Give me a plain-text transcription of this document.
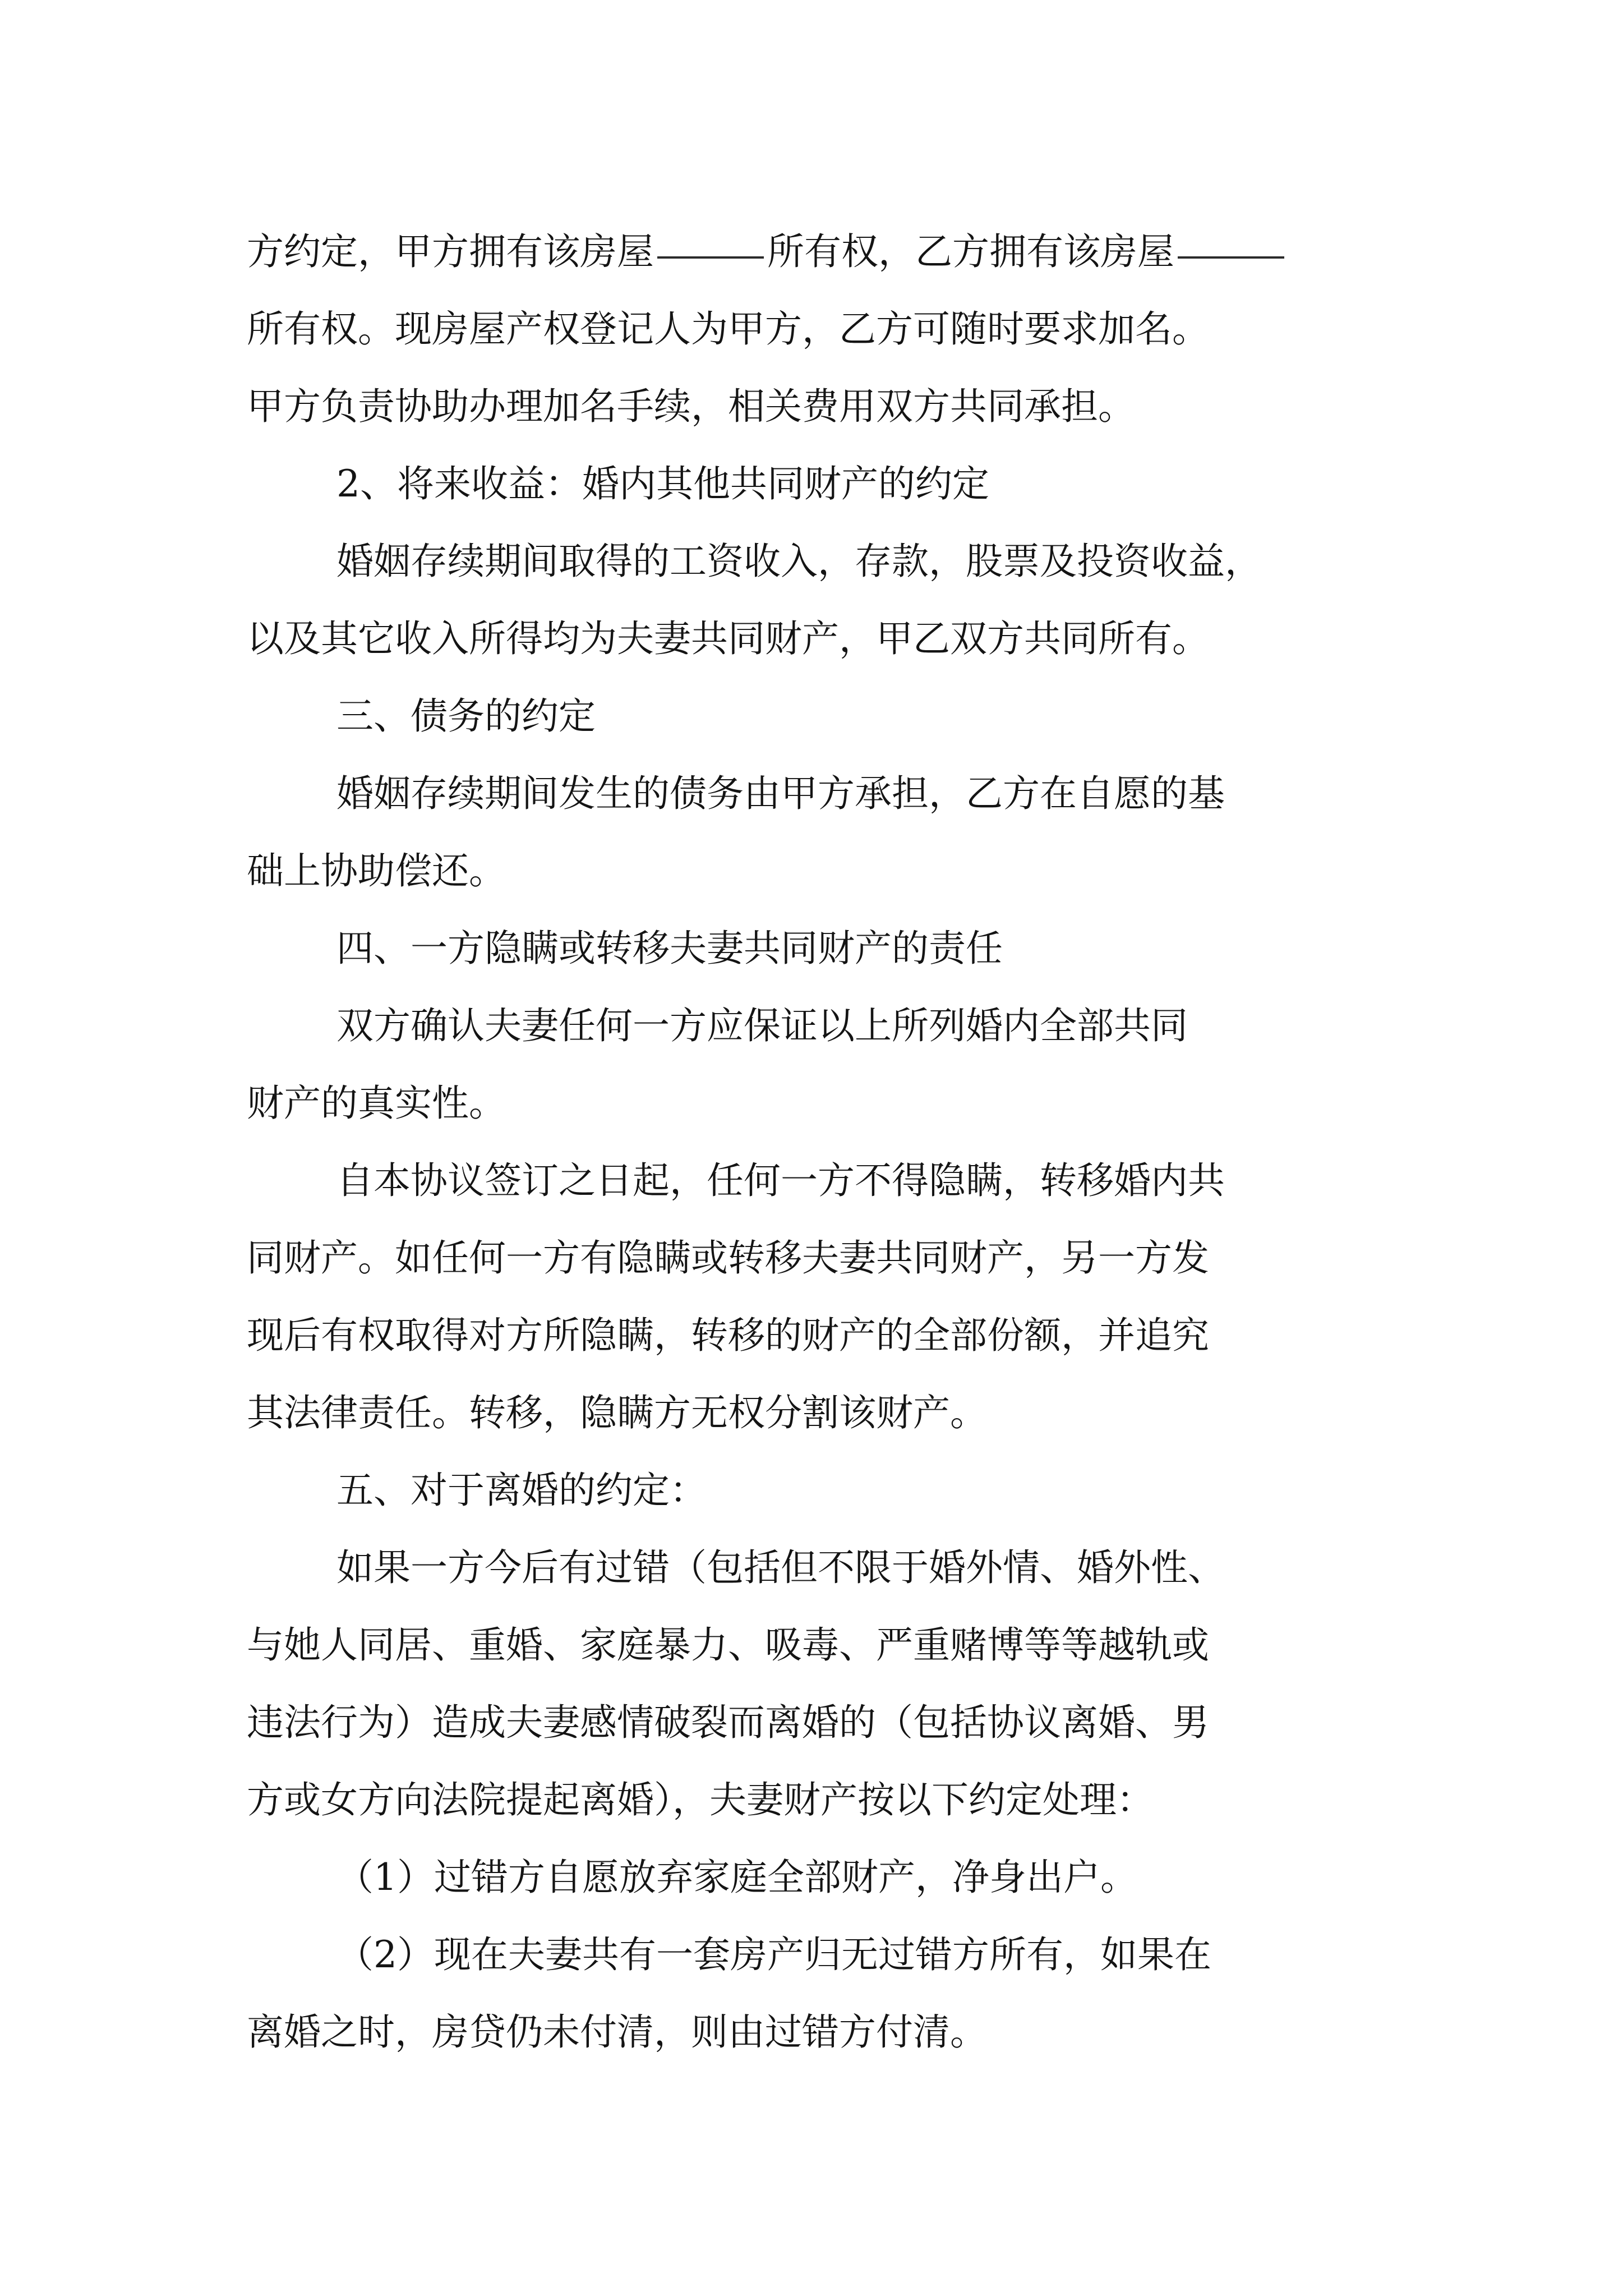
方约定，甲方拥有该房屋	所有权，乙方拥有该房屋
所有权。现房屋产权登记人为甲方，乙方可随时要求加名。
甲方负责协助办理加名手续，相关费用双方共同承担。
2、将来收益：婚内其他共同财产的约定
婚姻存续期间取得的工资收入，存款，股票及投资收益，
以及其它收入所得均为夫妻共同财产，甲乙双方共同所有。
三、债务的约定
婚姻存续期间发生的债务由甲方承担，乙方在自愿的基
础上协助偿还。
四、一方隐瞒或转移夫妻共同财产的责任
双方确认夫妻任何一方应保证以上所列婚内全部共同
财产的真实性。
自本协议签订之日起，任何一方不得隐瞒，转移婚内共
同财产。如任何一方有隐瞒或转移夫妻共同财产，另一方发
现后有权取得对方所隐瞒，转移的财产的全部份额，并追究
其法律责任。转移，隐瞒方无权分割该财产。
五、对于离婚的约定：
如果一方今后有过错（包括但不限于婚外情、婚外性、
与她人同居、重婚、家庭暴力、吸毒、严重赌博等等越轨或
违法行为）造成夫妻感情破裂而离婚的（包括协议离婚、男
方或女方向法院提起离婚），夫妻财产按以下约定处理：
（1）过错方自愿放弃家庭全部财产，净身出户。
（2）现在夫妻共有一套房产归无过错方所有，如果在
离婚之时，房贷仍未付清，则由过错方付清。
